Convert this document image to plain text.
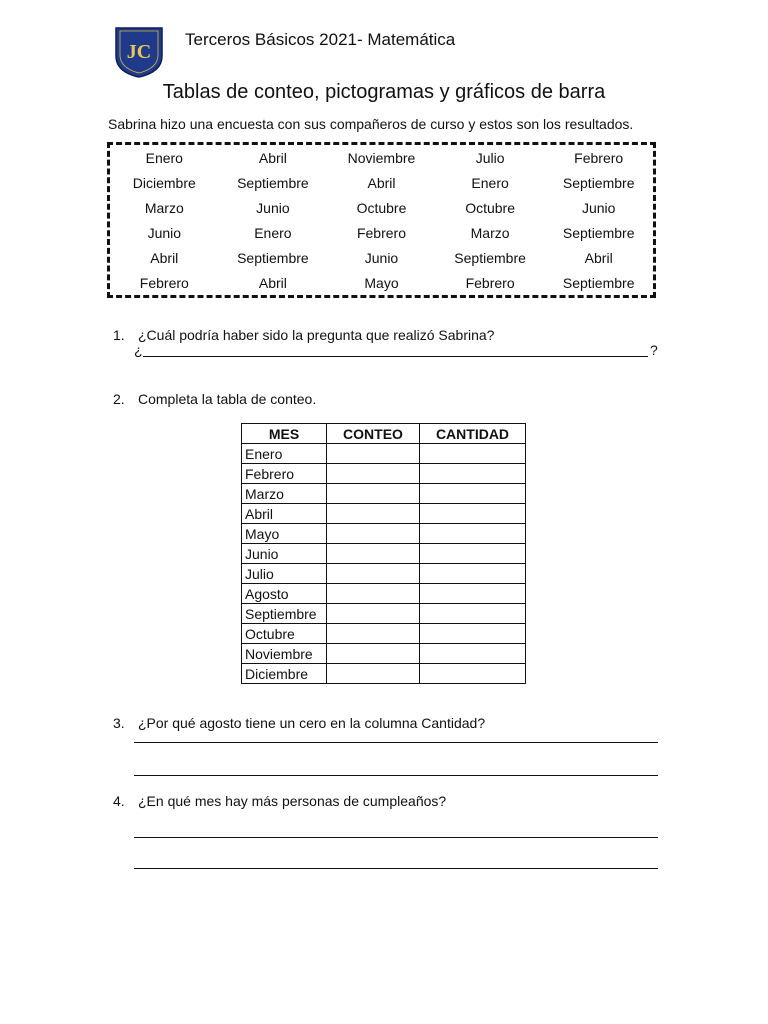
JC
Terceros Básicos 2021- Matemática
Tablas de conteo, pictogramas y gráficos de barra
Sabrina hizo una encuesta con sus compañeros de curso y estos son los resultados.
Enero	Abril	Noviembre	Julio	Febrero
Diciembre	Septiembre	Abril	Enero	Septiembre
Marzo	Junio	Octubre	Octubre	Junio
Junio	Enero	Febrero	Marzo	Septiembre
Abril	Septiembre	Junio	Septiembre	Abril
Febrero	Abril	Mayo	Febrero	Septiembre
1. ¿Cuál podría haber sido la pregunta que realizó Sabrina?
¿	?
2. Completa la tabla de conteo.
MES	CONTEO	CANTIDAD
Enero		
Febrero		
Marzo		
Abril		
Mayo		
Junio		
Julio		
Agosto		
Septiembre		
Octubre		
Noviembre		
Diciembre		
3. ¿Por qué agosto tiene un cero en la columna Cantidad?
4. ¿En qué mes hay más personas de cumpleaños?
